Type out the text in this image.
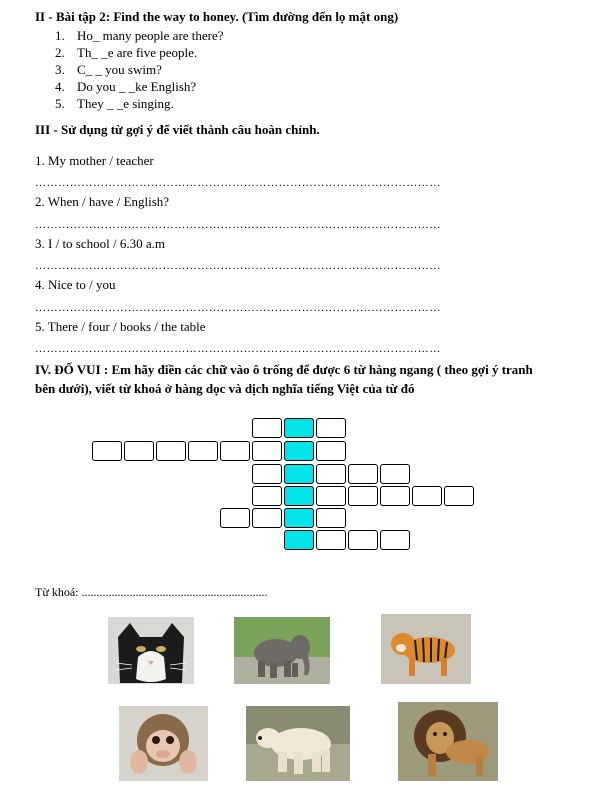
II - Bài tập 2: Find the way to honey. (Tìm đường đến lọ mật ong)
1. Ho_ many people are there?
2. Th_ _e are five people.
3. C_ _ you swim?
4. Do you _ _ke English?
5. They _ _e singing.
III - Sử dụng từ gợi ý để viết thành câu hoàn chỉnh.
1. My mother / teacher
……………………………………………………………………………………………
2. When / have / English?
……………………………………………………………………………………………
3. I / to school / 6.30 a.m
……………………………………………………………………………………………
4. Nice to / you
……………………………………………………………………………………………
5. There / four / books / the table
……………………………………………………………………………………………
IV. ĐỐ VUI : Em hãy điền các chữ vào ô trống để được 6 từ hàng ngang ( theo gợi ý tranh
bên dưới), viết từ khoá ở hàng dọc và dịch nghĩa tiếng Việt của từ đó
Từ khoá: ..............................................................
